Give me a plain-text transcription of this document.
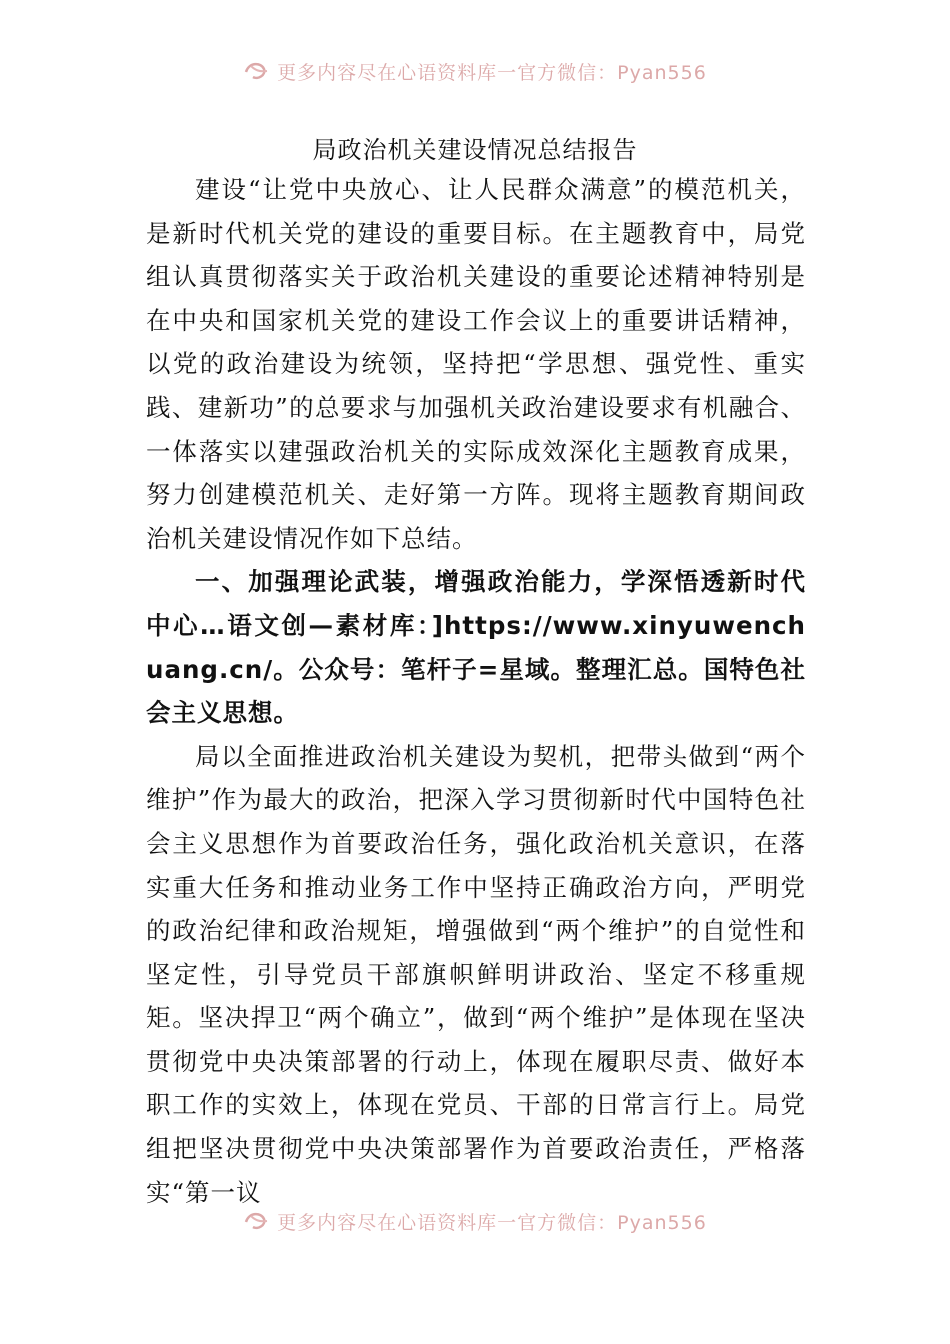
更多内容尽在心语资料库一官方微信：Pyan556
局政治机关建设情况总结报告

建设“让党中央放心、让人民群众满意”的模范机关，是新时代机关党的建设的重要目标。在主题教育中，局党组认真贯彻落实关于政治机关建设的重要论述精神特别是在中央和国家机关党的建设工作会议上的重要讲话精神，以党的政治建设为统领，坚持把“学思想、强党性、重实践、建新功”的总要求与加强机关政治建设要求有机融合、一体落实以建强政治机关的实际成效深化主题教育成果，努力创建模范机关、走好第一方阵。现将主题教育期间政治机关建设情况作如下总结。

一、加强理论武装，增强政治能力，学深悟透新时代中心…语文创—素材库：]https://www.xinyuwenchuang.cn/。公众号：笔杆子=星域。整理汇总。国特色社会主义思想。

局以全面推进政治机关建设为契机，把带头做到“两个维护”作为最大的政治，把深入学习贯彻新时代中国特色社会主义思想作为首要政治任务，强化政治机关意识，在落实重大任务和推动业务工作中坚持正确政治方向，严明党的政治纪律和政治规矩，增强做到“两个维护”的自觉性和坚定性，引导党员干部旗帜鲜明讲政治、坚定不移重规矩。坚决捍卫“两个确立”，做到“两个维护”是体现在坚决贯彻党中央决策部署的行动上，体现在履职尽责、做好本职工作的实效上，体现在党员、干部的日常言行上。局党组把坚决贯彻党中央决策部署作为首要政治责任，严格落实“第一议

更多内容尽在心语资料库一官方微信：Pyan556
